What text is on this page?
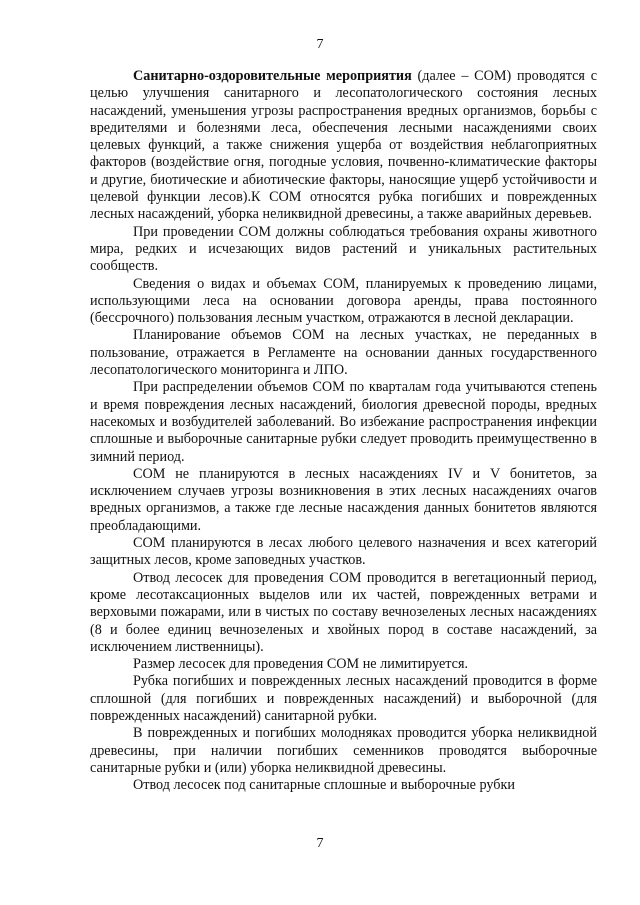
7

Санитарно-оздоровительные мероприятия (далее – СОМ) проводятся с целью улучшения санитарного и лесопатологического состояния лесных насаждений, уменьшения угрозы распространения вредных организмов, борьбы с вредителями и болезнями леса, обеспечения лесными насаждениями своих целевых функций, а также снижения ущерба от воздействия неблагоприятных факторов (воздействие огня, погодные условия, почвенно-климатические факторы и другие, биотические и абиотические факторы, наносящие ущерб устойчивости и целевой функции лесов).К СОМ относятся рубка погибших и поврежденных лесных насаждений, уборка неликвидной древесины, а также аварийных деревьев.

При проведении СОМ должны соблюдаться требования охраны животного мира, редких и исчезающих видов растений и уникальных растительных сообществ.

Сведения о видах и объемах СОМ, планируемых к проведению лицами, использующими леса на основании договора аренды, права постоянного (бессрочного) пользования лесным участком, отражаются в лесной декларации.

Планирование объемов СОМ на лесных участках, не переданных в пользование, отражается в Регламенте на основании данных государственного лесопатологического мониторинга и ЛПО.

При распределении объемов СОМ по кварталам года учитываются степень и время повреждения лесных насаждений, биология древесной породы, вредных насекомых и возбудителей заболеваний. Во избежание распространения инфекции сплошные и выборочные санитарные рубки следует проводить преимущественно в зимний период.

СОМ не планируются в лесных насаждениях IV и V бонитетов, за исключением случаев угрозы возникновения в этих лесных насаждениях очагов вредных организмов, а также где лесные насаждения данных бонитетов являются преобладающими.

СОМ планируются в лесах любого целевого назначения и всех категорий защитных лесов, кроме заповедных участков.

Отвод лесосек для проведения СОМ проводится в вегетационный период, кроме лесотаксационных выделов или их частей, поврежденных ветрами и верховыми пожарами, или в чистых по составу вечнозеленых лесных насаждениях (8 и более единиц вечнозеленых и хвойных пород в составе насаждений, за исключением лиственницы).

Размер лесосек для проведения СОМ не лимитируется.

Рубка погибших и поврежденных лесных насаждений проводится в форме сплошной (для погибших и поврежденных насаждений) и выборочной (для поврежденных насаждений) санитарной рубки.

В поврежденных и погибших молодняках проводится уборка неликвидной древесины, при наличии погибших семенников проводятся выборочные санитарные рубки и (или) уборка неликвидной древесины.

Отвод лесосек под санитарные сплошные и выборочные рубки

7
